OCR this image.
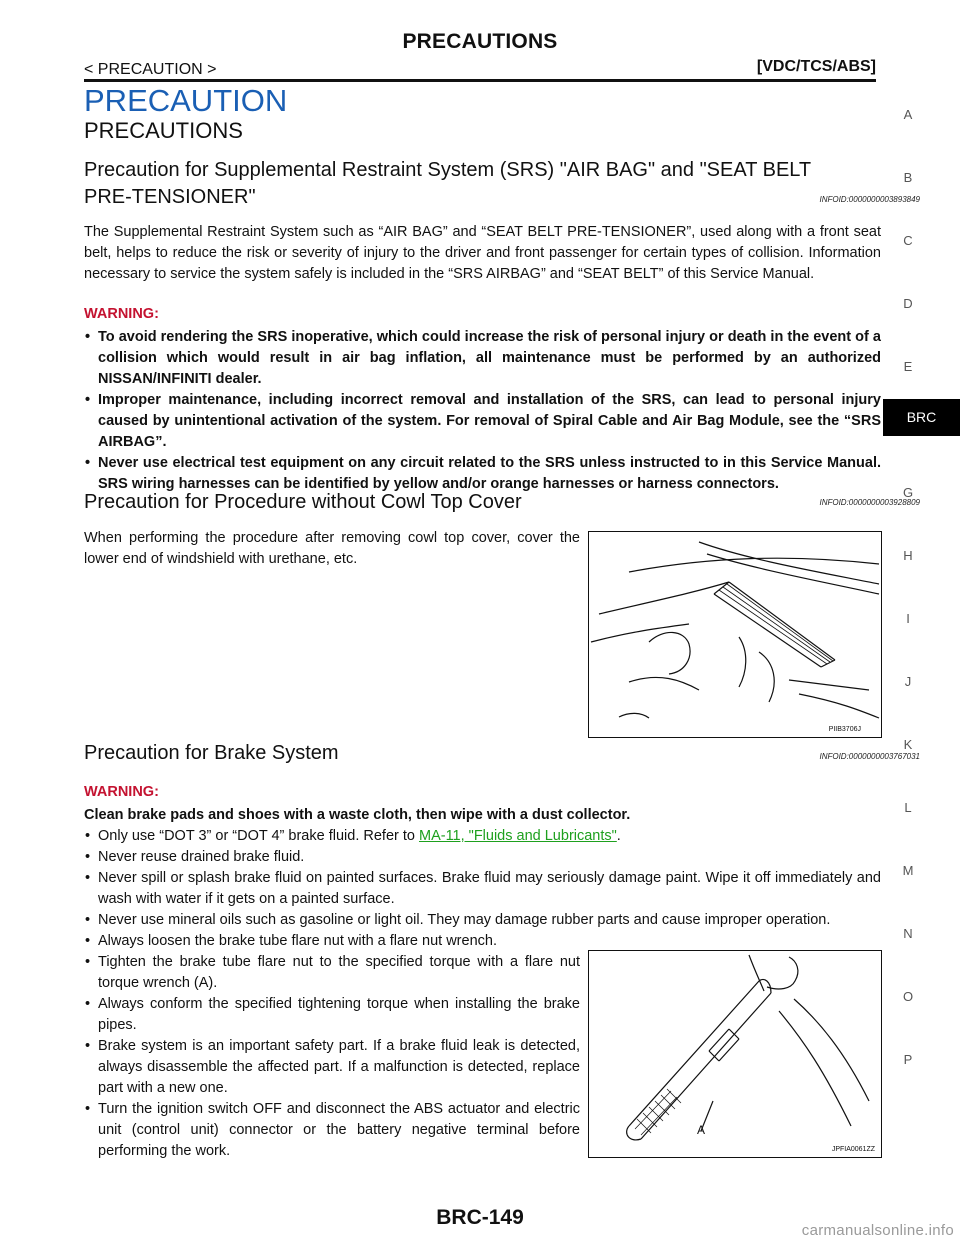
PRECAUTIONS
< PRECAUTION >	[VDC/TCS/ABS]
PRECAUTION
PRECAUTIONS
Precaution for Supplemental Restraint System (SRS) "AIR BAG" and "SEAT BELT
PRE-TENSIONER"	INFOID:0000000003893849
The Supplemental Restraint System such as “AIR BAG” and “SEAT BELT PRE-TENSIONER”, used along with a front seat belt, helps to reduce the risk or severity of injury to the driver and front passenger for certain types of collision. Information necessary to service the system safely is included in the “SRS AIRBAG” and “SEAT BELT” of this Service Manual.
WARNING:
• To avoid rendering the SRS inoperative, which could increase the risk of personal injury or death in the event of a collision which would result in air bag inflation, all maintenance must be performed by an authorized NISSAN/INFINITI dealer.
• Improper maintenance, including incorrect removal and installation of the SRS, can lead to personal injury caused by unintentional activation of the system. For removal of Spiral Cable and Air Bag Module, see the “SRS AIRBAG”.
• Never use electrical test equipment on any circuit related to the SRS unless instructed to in this Service Manual. SRS wiring harnesses can be identified by yellow and/or orange harnesses or harness connectors.
Precaution for Procedure without Cowl Top Cover	INFOID:0000000003928809
When performing the procedure after removing cowl top cover, cover the lower end of windshield with urethane, etc.
PIIB3706J
Precaution for Brake System	INFOID:0000000003767031
WARNING:
Clean brake pads and shoes with a waste cloth, then wipe with a dust collector.
• Only use “DOT 3” or “DOT 4” brake fluid. Refer to MA-11, "Fluids and Lubricants".
• Never reuse drained brake fluid.
• Never spill or splash brake fluid on painted surfaces. Brake fluid may seriously damage paint. Wipe it off immediately and wash with water if it gets on a painted surface.
• Never use mineral oils such as gasoline or light oil. They may damage rubber parts and cause improper operation.
• Always loosen the brake tube flare nut with a flare nut wrench.
• Tighten the brake tube flare nut to the specified torque with a flare nut torque wrench (A).
• Always conform the specified tightening torque when installing the brake pipes.
• Brake system is an important safety part. If a brake fluid leak is detected, always disassemble the affected part. If a malfunction is detected, replace part with a new one.
• Turn the ignition switch OFF and disconnect the ABS actuator and electric unit (control unit) connector or the battery negative terminal before performing the work.
A
JPFIA0061ZZ
A
B
C
D
E
BRC
G
H
I
J
K
L
M
N
O
P
BRC-149
carmanualsonline.info
